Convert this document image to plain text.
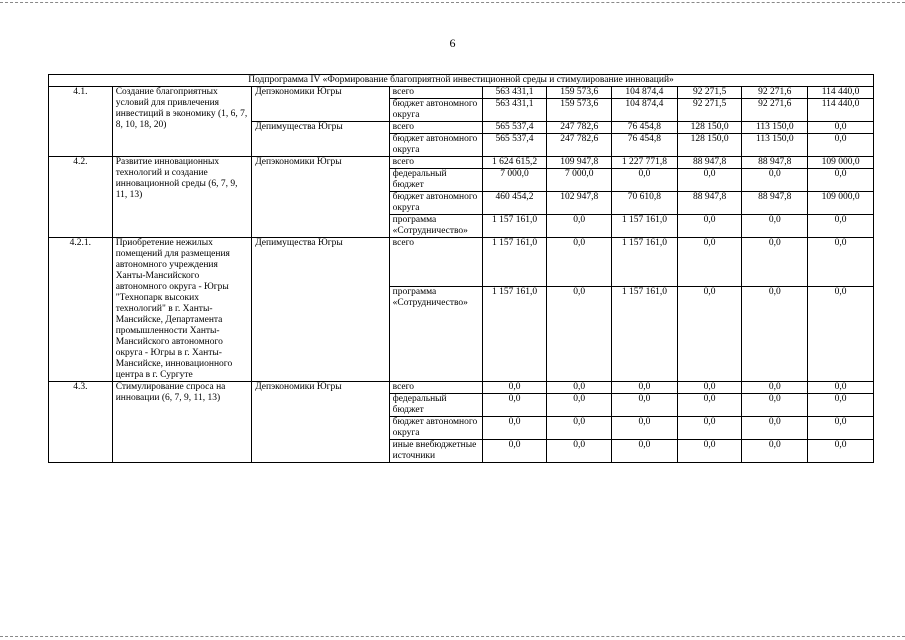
6
Подпрограмма IV «Формирование благоприятной инвестиционной среды и стимулирование инноваций»									
4.1.	Создание благоприятных условий для привлечения инвестиций в экономику (1, 6, 7, 8, 10, 18, 20)	Депэкономики Югры	всего	563 431,1	159 573,6	104 874,4	92 271,5	92 271,6	114 440,0
			бюджет автономного округа	563 431,1	159 573,6	104 874,4	92 271,5	92 271,6	114 440,0
		Депимущества Югры	всего	565 537,4	247 782,6	76 454,8	128 150,0	113 150,0	0,0
			бюджет автономного округа	565 537,4	247 782,6	76 454,8	128 150,0	113 150,0	0,0
4.2.	Развитие инновационных технологий и создание инновационной среды (6, 7, 9, 11, 13)	Депэкономики Югры	всего	1 624 615,2	109 947,8	1 227 771,8	88 947,8	88 947,8	109 000,0
			федеральный бюджет	7 000,0	7 000,0	0,0	0,0	0,0	0,0
			бюджет автономного округа	460 454,2	102 947,8	70 610,8	88 947,8	88 947,8	109 000,0
			программа «Сотрудничество»	1 157 161,0	0,0	1 157 161,0	0,0	0,0	0,0
4.2.1.	Приобретение нежилых помещений для размещения автономного учреждения Ханты-Мансийского автономного округа - Югры "Технопарк высоких технологий" в г. Ханты-Мансийске, Департамента промышленности Ханты-Мансийского автономного округа - Югры в г. Ханты-Мансийске, инновационного центра в г. Сургуте	Депимущества Югры	всего	1 157 161,0	0,0	1 157 161,0	0,0	0,0	0,0
			программа «Сотрудничество»	1 157 161,0	0,0	1 157 161,0	0,0	0,0	0,0
4.3.	Стимулирование спроса на инновации (6, 7, 9, 11, 13)	Депэкономики Югры	всего	0,0	0,0	0,0	0,0	0,0	0,0
			федеральный бюджет	0,0	0,0	0,0	0,0	0,0	0,0
			бюджет автономного округа	0,0	0,0	0,0	0,0	0,0	0,0
			иные внебюджетные источники	0,0	0,0	0,0	0,0	0,0	0,0
